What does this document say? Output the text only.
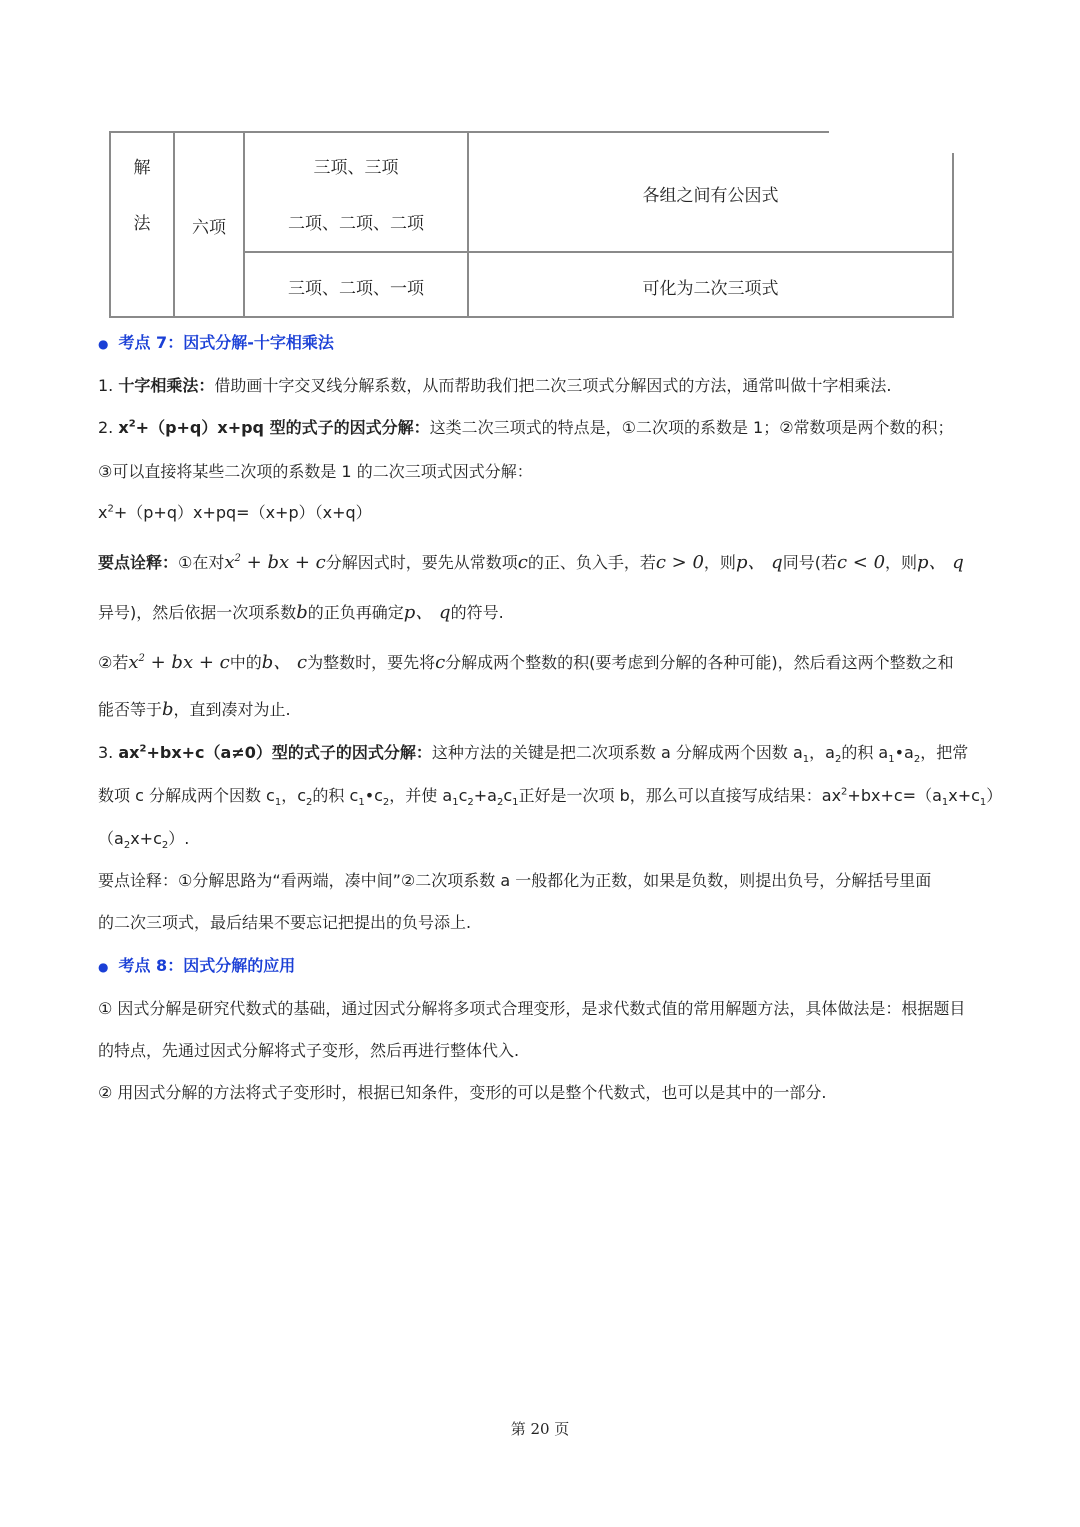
解
法	六项
三项、三项
二项、二项、二项
各组之间有公因式
三项、二项、一项	可化为二次三项式
● 考点 7：因式分解-十字相乘法
1. 十字相乘法：借助画十字交叉线分解系数，从而帮助我们把二次三项式分解因式的方法，通常叫做十字相乘法.
2. $x^2+(p+q)x+pq$ 型的式子的因式分解：这类二次三项式的特点是，①二次项的系数是 1；②常数项是两个数的积；
③可以直接将某些二次项的系数是 1 的二次三项式因式分解：
$x^2+(p+q)x+pq=(x+p)(x+q)$
要点诠释：①在对$x^2$ + bx + c分解因式时，要先从常数项c的正、负入手，若c > 0，则p、 q同号(若c < 0，则p、 q
异号)，然后依据一次项系数b的正负再确定p、 q的符号.
②若$x^2$ + bx + c中的b、 c为整数时，要先将c分解成两个整数的积(要考虑到分解的各种可能)，然后看这两个整数之和
能否等于b，直到凑对为止.
3. $ax^2+bx+c(a\ne 0)$型的式子的因式分解：这种方法的关键是把二次项系数 a 分解成两个因数 $a_1$，$a_2$的积 $a_1•a_2$，把常
数项 c 分解成两个因数 $c_1$，$c_2$的积 $c_1•c_2$，并使 $a_1c_2+a_2c_1$正好是一次项 b，那么可以直接写成结果：$ax^2+bx+c=(a_1x+c_1)$
$(a_2x+c_2)$.
要点诠释：①分解思路为“看两端，凑中间”②二次项系数 a 一般都化为正数，如果是负数，则提出负号，分解括号里面
的二次三项式，最后结果不要忘记把提出的负号添上.
● 考点 8：因式分解的应用
① 因式分解是研究代数式的基础，通过因式分解将多项式合理变形，是求代数式值的常用解题方法，具体做法是：根据题目
的特点，先通过因式分解将式子变形，然后再进行整体代入.
② 用因式分解的方法将式子变形时，根据已知条件，变形的可以是整个代数式，也可以是其中的一部分.
第 20 页
